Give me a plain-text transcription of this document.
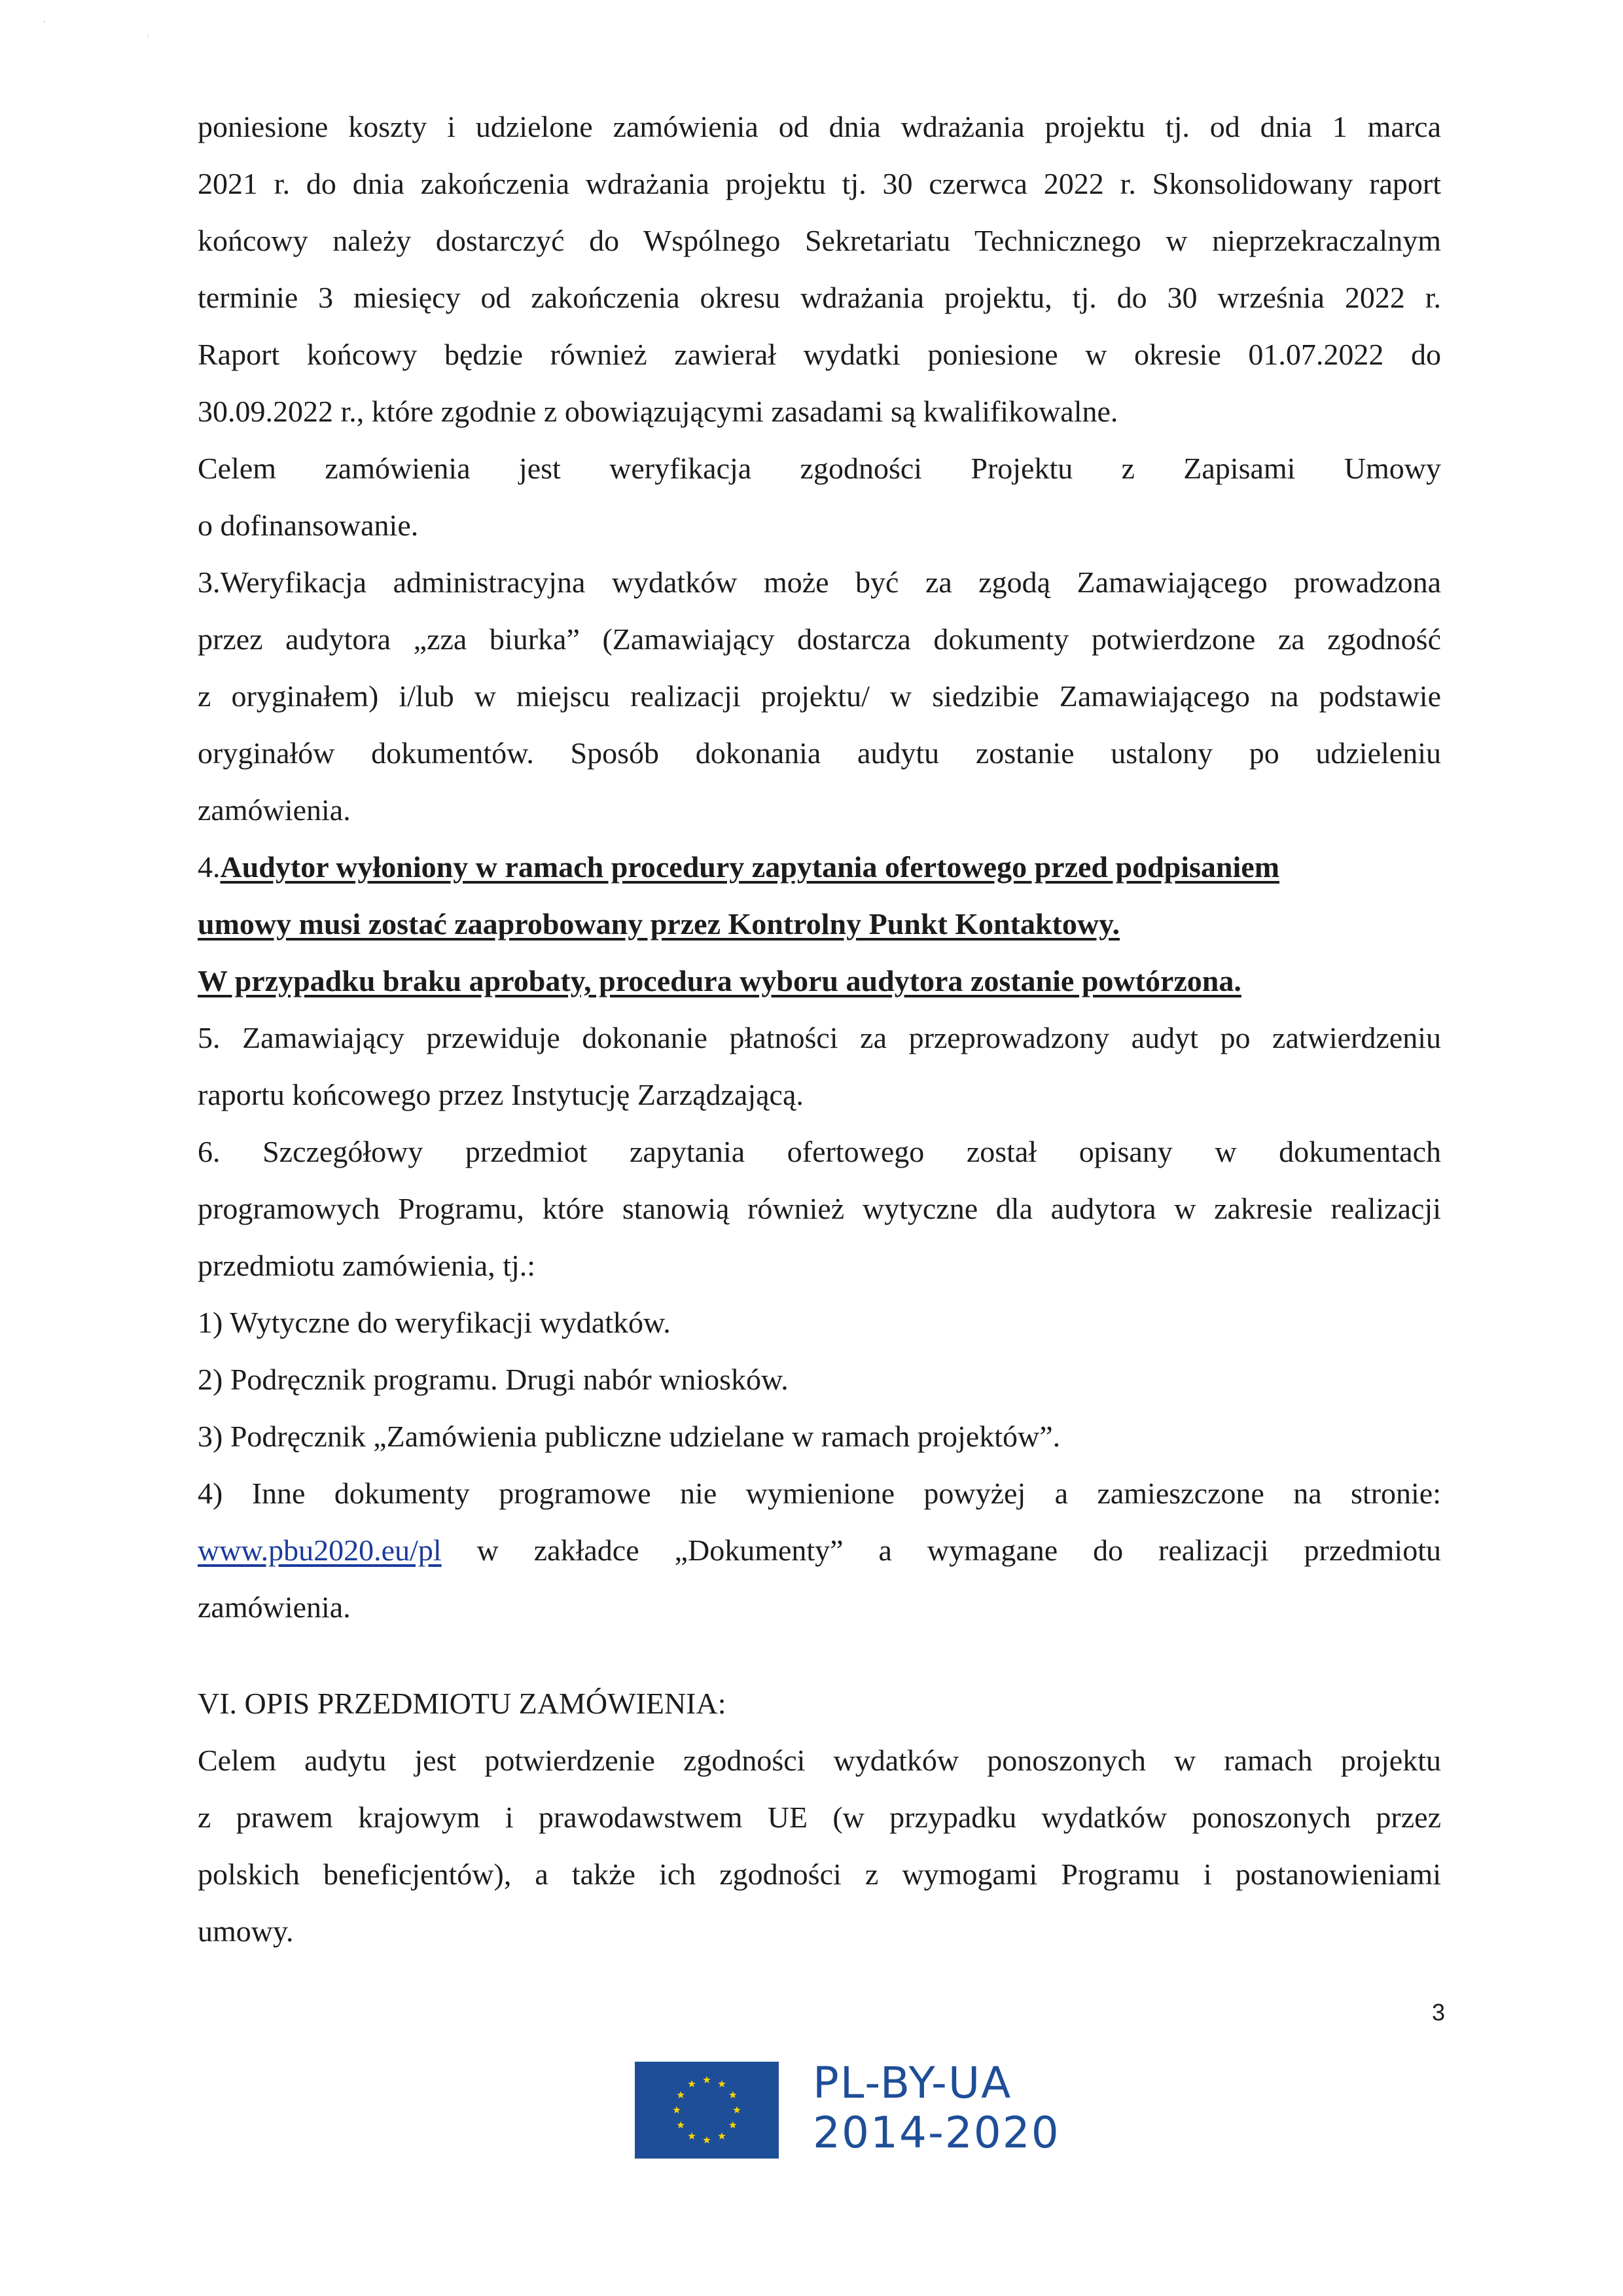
'
'
poniesione koszty i udzielone zamówienia od dnia wdrażania projektu tj. od dnia 1 marca
2021 r. do dnia zakończenia wdrażania projektu tj. 30 czerwca 2022 r. Skonsolidowany raport
końcowy należy dostarczyć do Wspólnego Sekretariatu Technicznego w nieprzekraczalnym
terminie 3 miesięcy od zakończenia okresu wdrażania projektu, tj. do 30 września 2022 r.
Raport końcowy będzie również zawierał wydatki poniesione w okresie 01.07.2022 do
30.09.2022 r., które zgodnie z obowiązującymi zasadami są kwalifikowalne.
Celem zamówienia jest weryfikacja zgodności Projektu z Zapisami Umowy
o dofinansowanie.
3.Weryfikacja administracyjna wydatków może być za zgodą Zamawiającego prowadzona
przez audytora „zza biurka” (Zamawiający dostarcza dokumenty potwierdzone za zgodność
z oryginałem) i/lub w miejscu realizacji projektu/ w siedzibie Zamawiającego na podstawie
oryginałów dokumentów. Sposób dokonania audytu zostanie ustalony po udzieleniu
zamówienia.
4.Audytor wyłoniony w ramach procedury zapytania ofertowego przed podpisaniem
umowy musi zostać zaaprobowany przez Kontrolny Punkt Kontaktowy.
W przypadku braku aprobaty, procedura wyboru audytora zostanie powtórzona.
5. Zamawiający przewiduje dokonanie płatności za przeprowadzony audyt po zatwierdzeniu
raportu końcowego przez Instytucję Zarządzającą.
6. Szczegółowy przedmiot zapytania ofertowego został opisany w dokumentach
programowych Programu, które stanowią również wytyczne dla audytora w zakresie realizacji
przedmiotu zamówienia, tj.:
1) Wytyczne do weryfikacji wydatków.
2) Podręcznik programu. Drugi nabór wniosków.
3) Podręcznik „Zamówienia publiczne udzielane w ramach projektów”.
4) Inne dokumenty programowe nie wymienione powyżej a zamieszczone na stronie:
www.pbu2020.eu/pl w zakładce „Dokumenty” a wymagane do realizacji przedmiotu
zamówienia.
VI. OPIS PRZEDMIOTU ZAMÓWIENIA:
Celem audytu jest potwierdzenie zgodności wydatków ponoszonych w ramach projektu
z prawem krajowym i prawodawstwem UE (w przypadku wydatków ponoszonych przez
polskich beneficjentów), a także ich zgodności z wymogami Programu i postanowieniami
umowy.
3
PL-BY-UA
2014-2020
